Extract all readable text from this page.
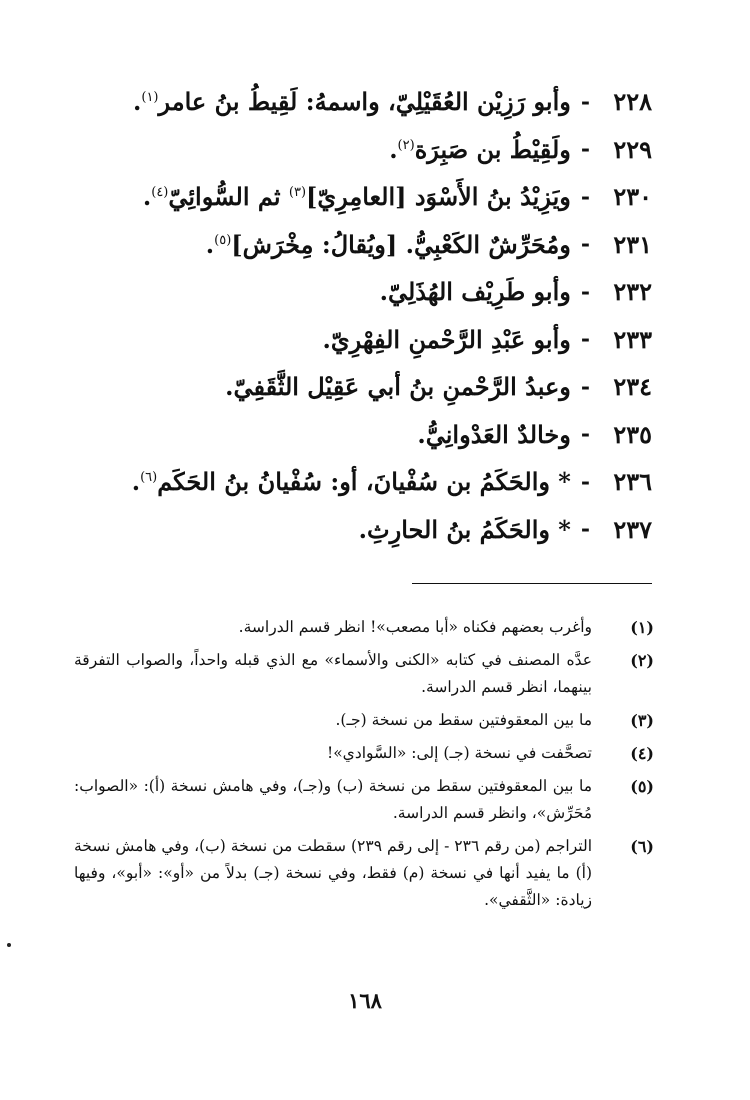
٢٢٨
-
وأبو رَزِيْن العُقَيْلِيّ، واسمهُ: لَقِيطُ بنُ عامر$^{(١)}$.
٢٢٩
-
ولَقِيْطُ بن صَبِرَة$^{(٢)}$.
٢٣٠
-
ويَزِيْدُ بنُ الأَسْوَد [العامِرِيّ]$^{(٣)}$ ثم السُّوائِيّ$^{(٤)}$.
٢٣١
-
ومُحَرِّشٌ الكَعْبِيُّ. [ويُقالُ: مِخْرَش]$^{(٥)}$.
٢٣٢
-
وأبو طَرِيْف الهُذَلِيّ.
٢٣٣
-
وأبو عَبْدِ الرَّحْمنِ الفِهْرِيّ.
٢٣٤
-
وعبدُ الرَّحْمنِ بنُ أبي عَقِيْل الثَّقَفِيّ.
٢٣٥
-
وخالدٌ العَدْوانِيُّ.
٢٣٦
-
* والحَكَمُ بن سُفْيانَ، أو: سُفْيانُ بنُ الحَكَم$^{(٦)}$.
٢٣٧
-
* والحَكَمُ بنُ الحارِثِ.
(١)
وأغرب بعضهم فكناه «أبا مصعب»! انظر قسم الدراسة.
(٢)
عدَّه المصنف في كتابه «الكنى والأسماء» مع الذي قبله واحداً، والصواب التفرقة بينهما، انظر قسم الدراسة.
(٣)
ما بين المعقوفتين سقط من نسخة (جـ).
(٤)
تصحَّفت في نسخة (جـ) إلى: «السَّوادي»!
(٥)
ما بين المعقوفتين سقط من نسخة (ب) و(جـ)، وفي هامش نسخة (أ): «الصواب: مُحَرِّش»، وانظر قسم الدراسة.
(٦)
التراجم (من رقم ٢٣٦ - إلى رقم ٢٣٩) سقطت من نسخة (ب)، وفي هامش نسخة (أ) ما يفيد أنها في نسخة (م) فقط، وفي نسخة (جـ) بدلاً من «أو»: «أبو»، وفيها زيادة: «الثَّقفي».
١٦٨
